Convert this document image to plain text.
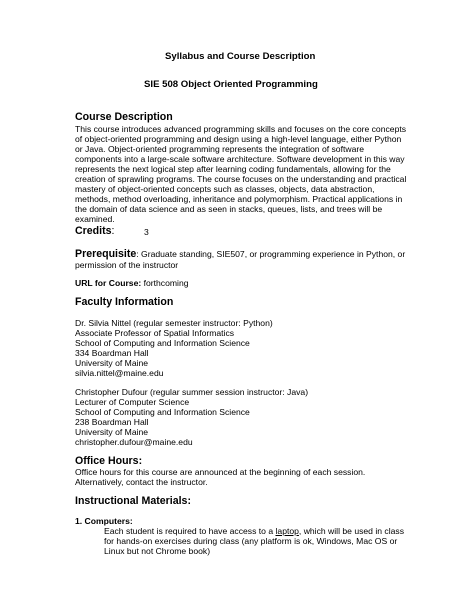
Syllabus and Course Description
SIE 508 Object Oriented Programming
Course Description
This course introduces advanced programming skills and focuses on the core concepts
of object-oriented programming and design using a high-level language, either Python
or Java. Object-oriented programming represents the integration of software
components into a large-scale software architecture. Software development in this way
represents the next logical step after learning coding fundamentals, allowing for the
creation of sprawling programs. The course focuses on the understanding and practical
mastery of object-oriented concepts such as classes, objects, data abstraction,
methods, method overloading, inheritance and polymorphism. Practical applications in
the domain of data science and as seen in stacks, queues, lists, and trees will be
examined.
Credits:	3
Prerequisite: Graduate standing, SIE507, or programming experience in Python, or
permission of the instructor
URL for Course: forthcoming
Faculty Information
Dr. Silvia Nittel (regular semester instructor: Python)
Associate Professor of Spatial Informatics
School of Computing and Information Science
334 Boardman Hall
University of Maine
silvia.nittel@maine.edu
Christopher Dufour (regular summer session instructor: Java)
Lecturer of Computer Science
School of Computing and Information Science
238 Boardman Hall
University of Maine
christopher.dufour@maine.edu
Office Hours:
Office hours for this course are announced at the beginning of each session.
Alternatively, contact the instructor.
Instructional Materials:
1. Computers:
Each student is required to have access to a laptop, which will be used in class
for hands-on exercises during class (any platform is ok, Windows, Mac OS or
Linux but not Chrome book)
